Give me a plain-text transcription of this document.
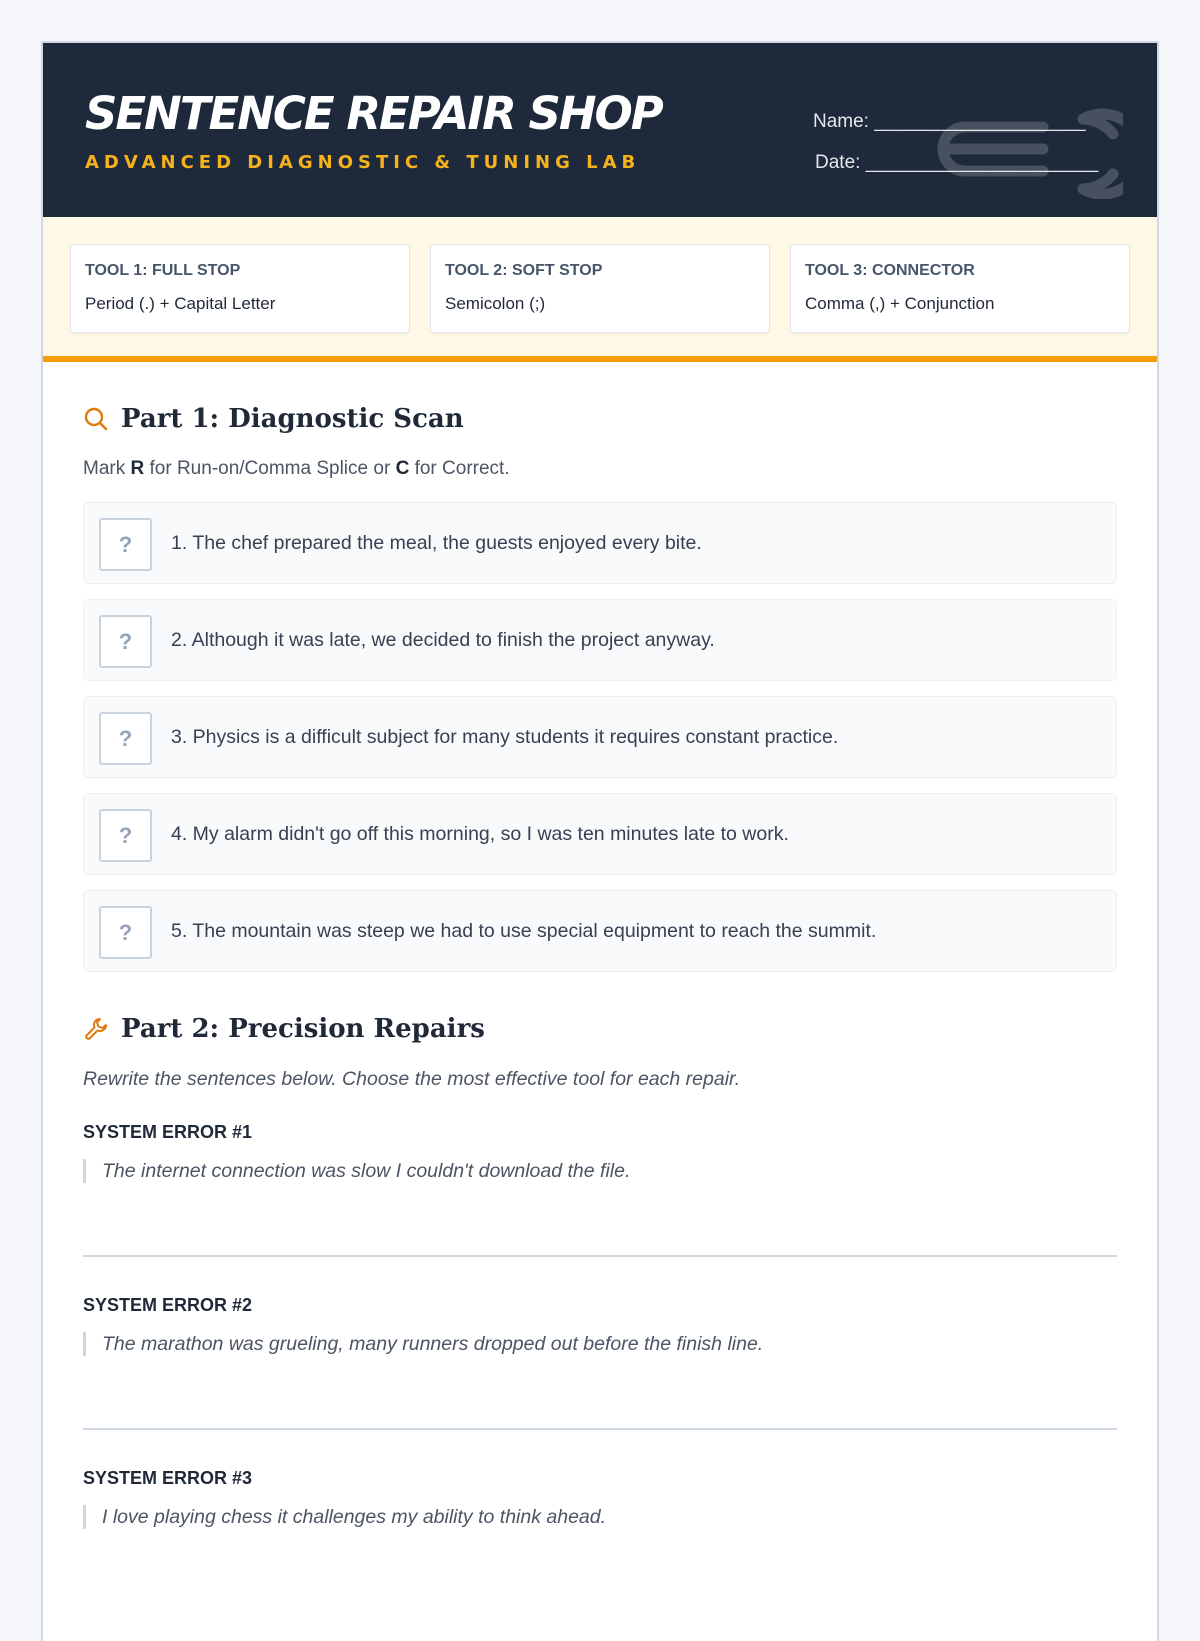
SENTENCE REPAIR SHOP
ADVANCED DIAGNOSTIC & TUNING LAB
Name: ____________________
Date: ______________________
TOOL 1: FULL STOP
Period (.) + Capital Letter
TOOL 2: SOFT STOP
Semicolon (;)
TOOL 3: CONNECTOR
Comma (,) + Conjunction
Part 1: Diagnostic Scan
Mark R for Run-on/Comma Splice or C for Correct.
?	1. The chef prepared the meal, the guests enjoyed every bite.
?	2. Although it was late, we decided to finish the project anyway.
?	3. Physics is a difficult subject for many students it requires constant practice.
?	4. My alarm didn't go off this morning, so I was ten minutes late to work.
?	5. The mountain was steep we had to use special equipment to reach the summit.
Part 2: Precision Repairs
Rewrite the sentences below. Choose the most effective tool for each repair.
SYSTEM ERROR #1
The internet connection was slow I couldn't download the file.
SYSTEM ERROR #2
The marathon was grueling, many runners dropped out before the finish line.
SYSTEM ERROR #3
I love playing chess it challenges my ability to think ahead.
